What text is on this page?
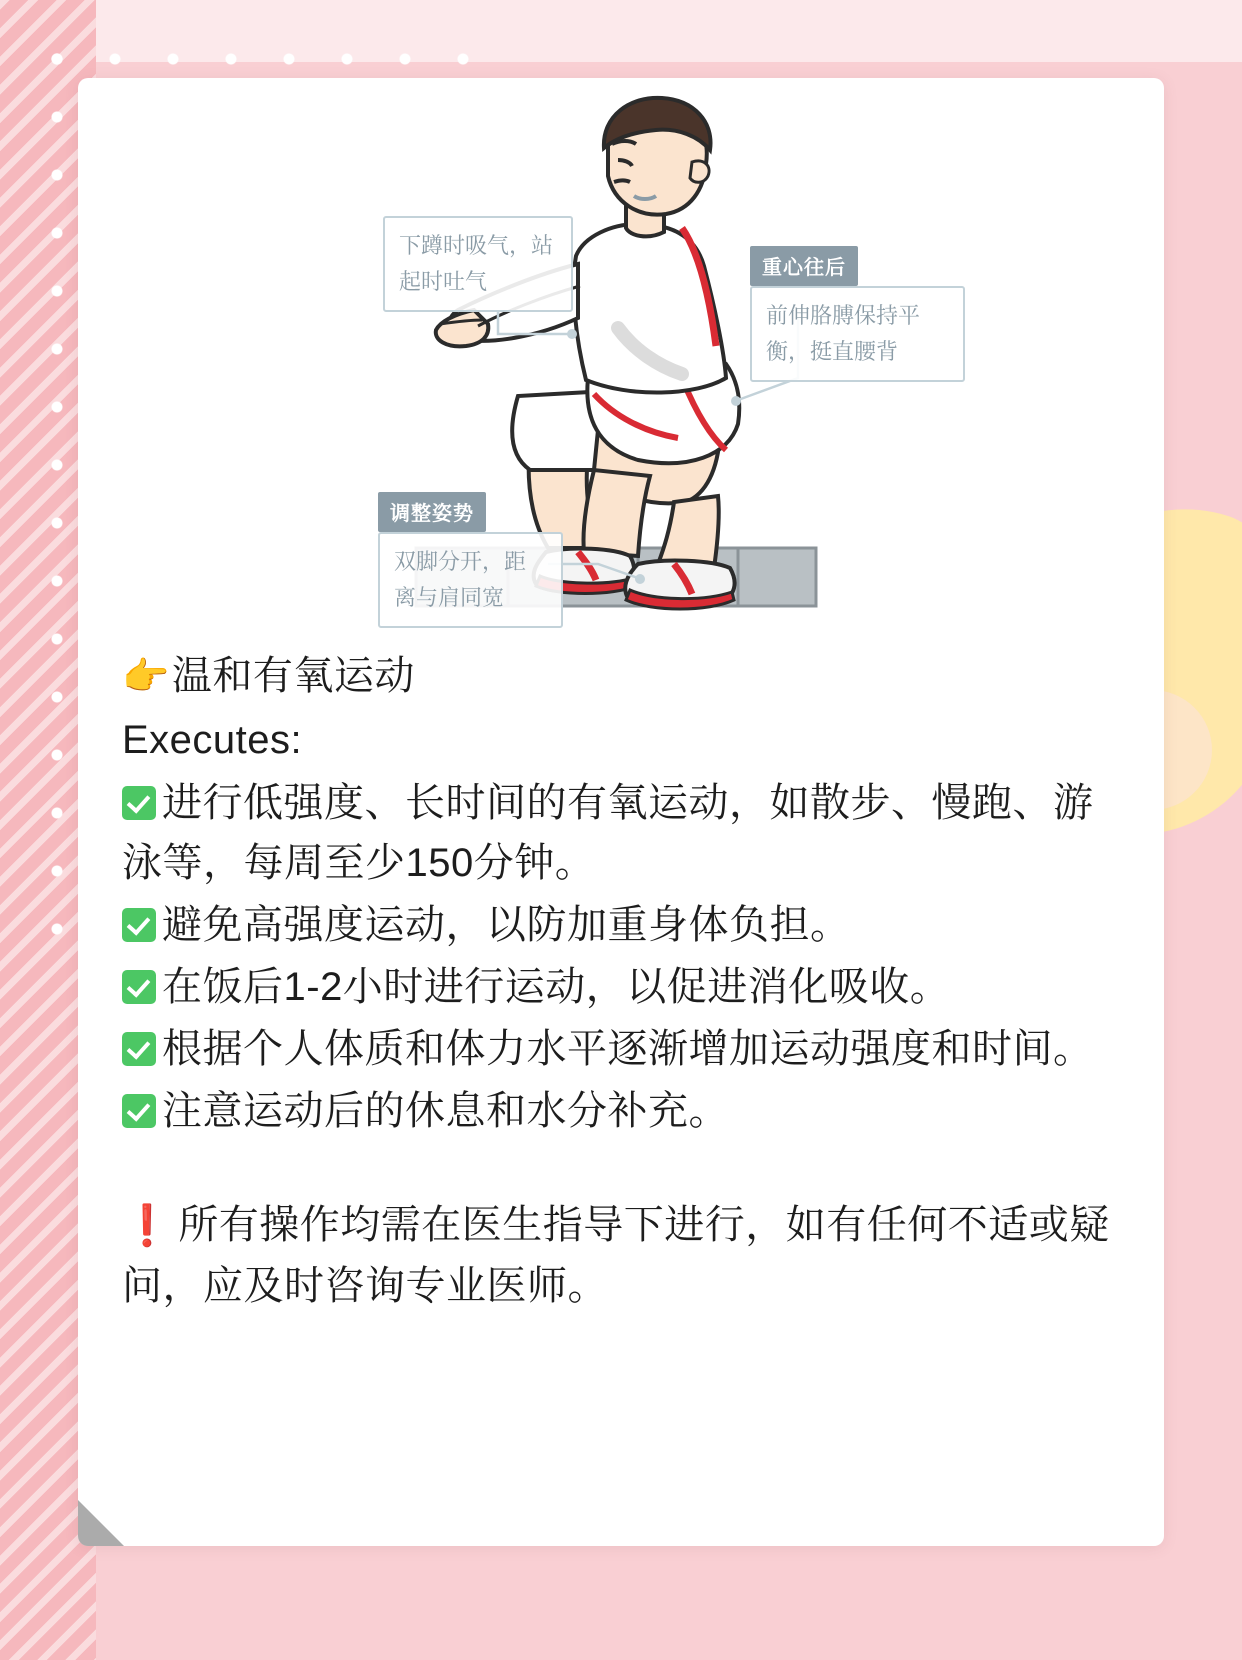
下蹲时吸气，站起时吐气
重心往后
前伸胳膊保持平衡，挺直腰背
调整姿势
双脚分开，距离与肩同宽
👉温和有氧运动
Executes:
进行低强度、长时间的有氧运动，如散步、慢跑、游泳等，每周至少150分钟。
避免高强度运动，以防加重身体负担。
在饭后1-2小时进行运动，以促进消化吸收。
根据个人体质和体力水平逐渐增加运动强度和时间。
注意运动后的休息和水分补充。
❗ 所有操作均需在医生指导下进行，如有任何不适或疑问，应及时咨询专业医师。
